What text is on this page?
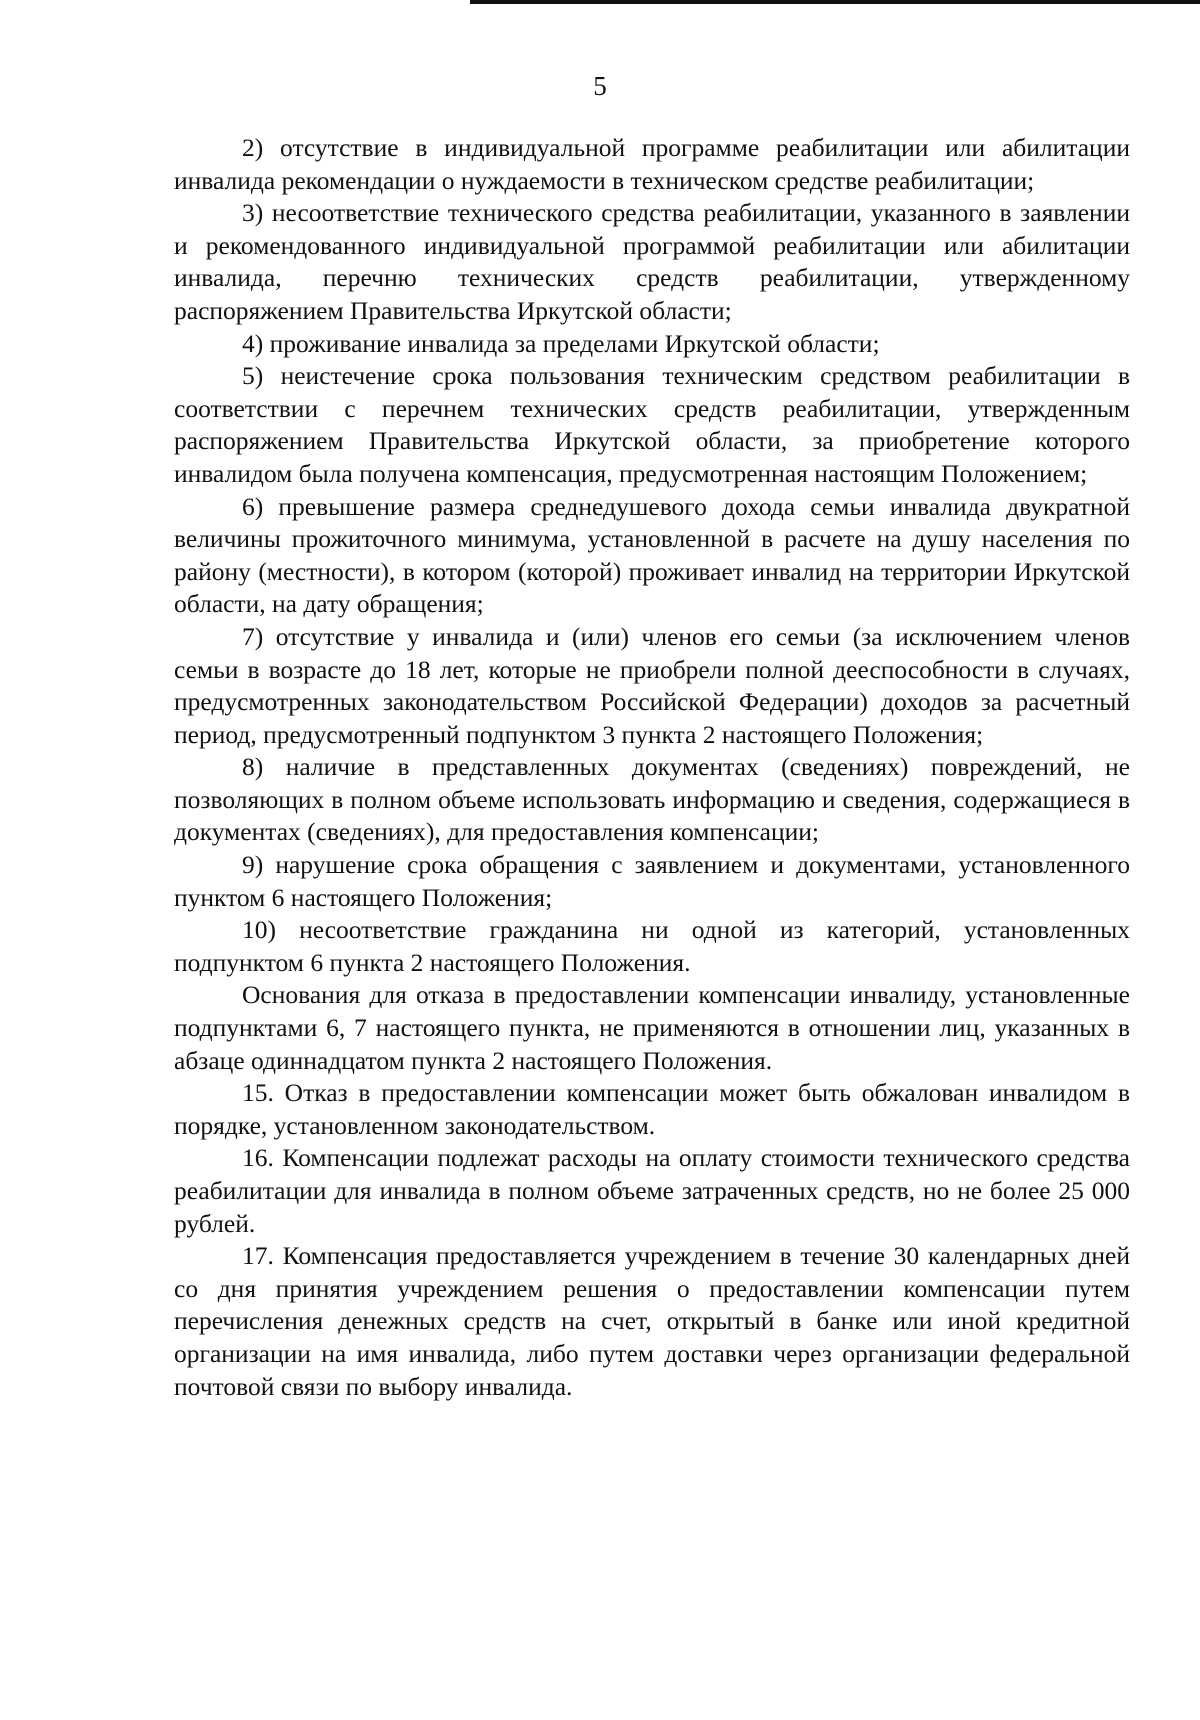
5

2) отсутствие в индивидуальной программе реабилитации или абилитации инвалида рекомендации о нуждаемости в техническом средстве реабилитации;

3) несоответствие технического средства реабилитации, указанного в заявлении и рекомендованного индивидуальной программой реабилитации или абилитации инвалида, перечню технических средств реабилитации, утвержденному распоряжением Правительства Иркутской области;

4) проживание инвалида за пределами Иркутской области;

5) неистечение срока пользования техническим средством реабилитации в соответствии с перечнем технических средств реабилитации, утвержденным распоряжением Правительства Иркутской области, за приобретение которого инвалидом была получена компенсация, предусмотренная настоящим Положением;

6) превышение размера среднедушевого дохода семьи инвалида двукратной величины прожиточного минимума, установленной в расчете на душу населения по району (местности), в котором (которой) проживает инвалид на территории Иркутской области, на дату обращения;

7) отсутствие у инвалида и (или) членов его семьи (за исключением членов семьи в возрасте до 18 лет, которые не приобрели полной дееспособности в случаях, предусмотренных законодательством Российской Федерации) доходов за расчетный период, предусмотренный подпунктом 3 пункта 2 настоящего Положения;

8) наличие в представленных документах (сведениях) повреждений, не позволяющих в полном объеме использовать информацию и сведения, содержащиеся в документах (сведениях), для предоставления компенсации;

9) нарушение срока обращения с заявлением и документами, установленного пунктом 6 настоящего Положения;

10) несоответствие гражданина ни одной из категорий, установленных подпунктом 6 пункта 2 настоящего Положения.

Основания для отказа в предоставлении компенсации инвалиду, установленные подпунктами 6, 7 настоящего пункта, не применяются в отношении лиц, указанных в абзаце одиннадцатом пункта 2 настоящего Положения.

15. Отказ в предоставлении компенсации может быть обжалован инвалидом в порядке, установленном законодательством.

16. Компенсации подлежат расходы на оплату стоимости технического средства реабилитации для инвалида в полном объеме затраченных средств, но не более 25 000 рублей.

17. Компенсация предоставляется учреждением в течение 30 календарных дней со дня принятия учреждением решения о предоставлении компенсации путем перечисления денежных средств на счет, открытый в банке или иной кредитной организации на имя инвалида, либо путем доставки через организации федеральной почтовой связи по выбору инвалида.
